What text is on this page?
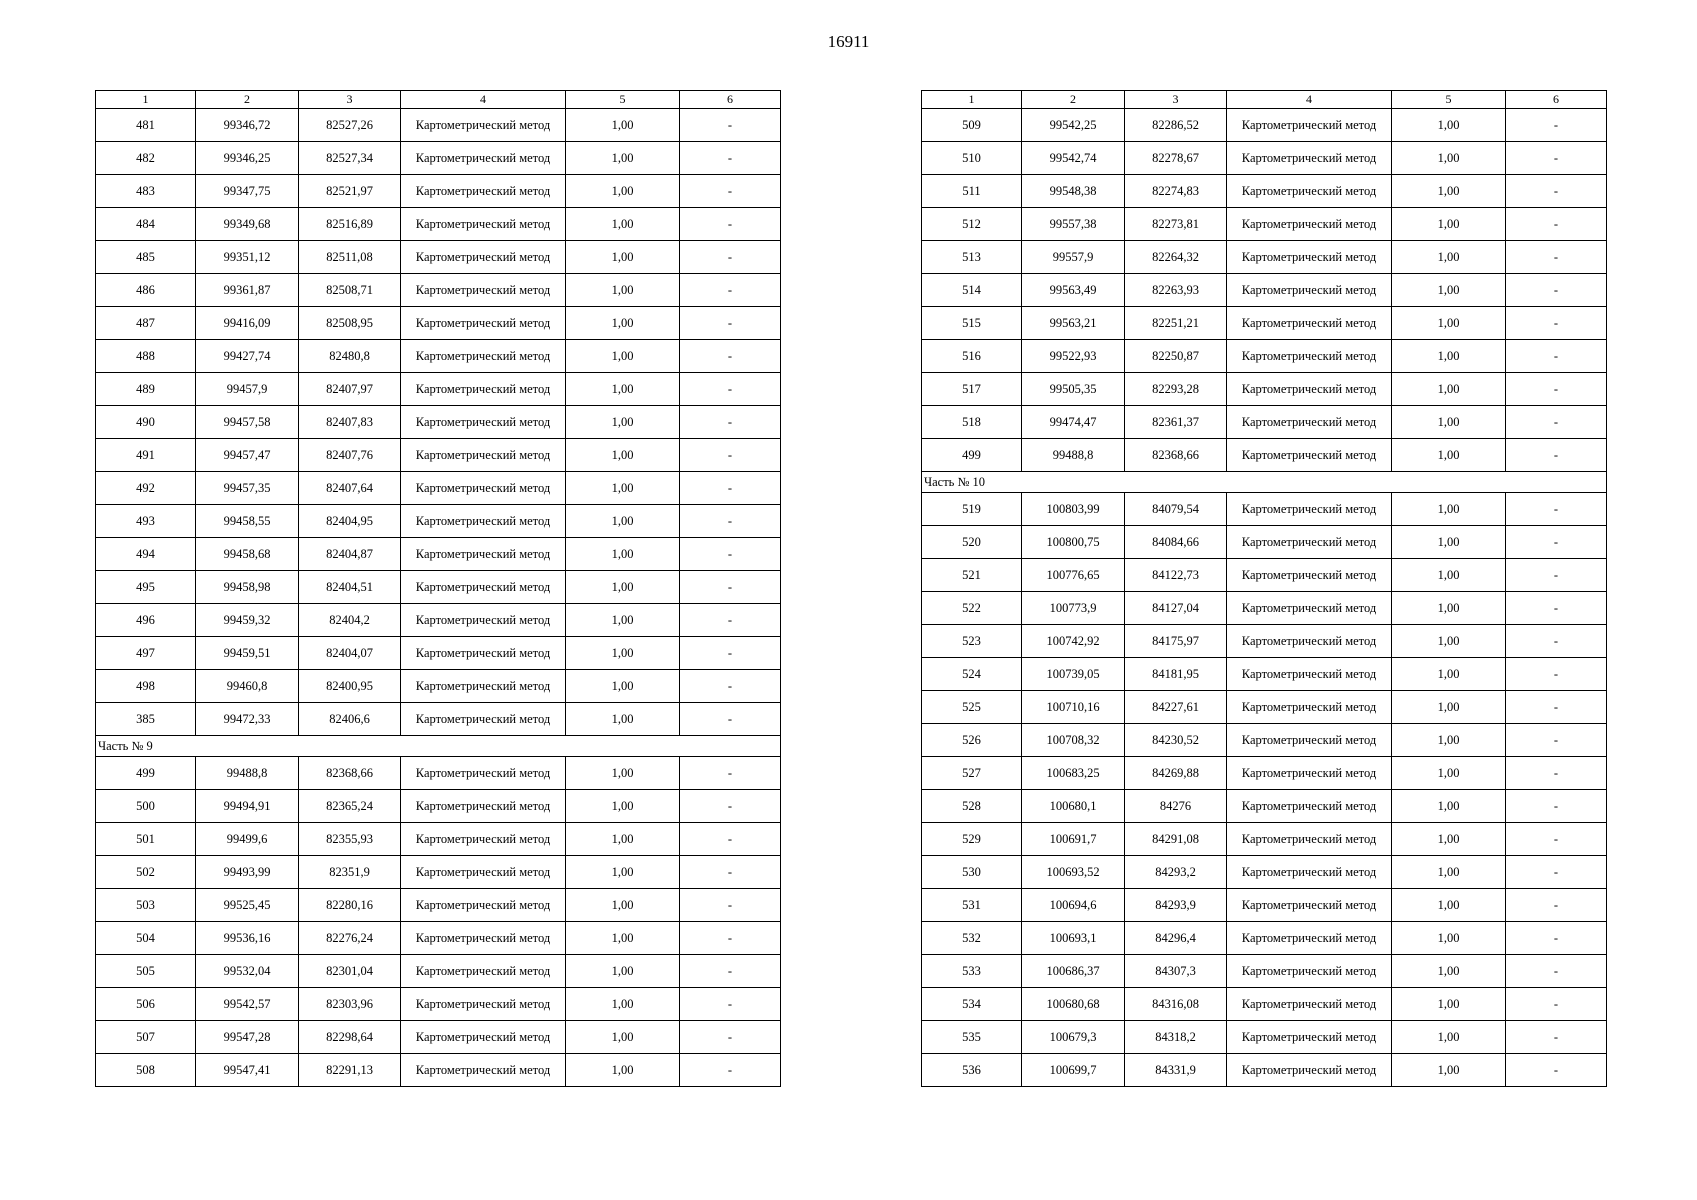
16911
1	2	3	4	5	6
481	99346,72	82527,26	Картометрический метод	1,00	-
482	99346,25	82527,34	Картометрический метод	1,00	-
483	99347,75	82521,97	Картометрический метод	1,00	-
484	99349,68	82516,89	Картометрический метод	1,00	-
485	99351,12	82511,08	Картометрический метод	1,00	-
486	99361,87	82508,71	Картометрический метод	1,00	-
487	99416,09	82508,95	Картометрический метод	1,00	-
488	99427,74	82480,8	Картометрический метод	1,00	-
489	99457,9	82407,97	Картометрический метод	1,00	-
490	99457,58	82407,83	Картометрический метод	1,00	-
491	99457,47	82407,76	Картометрический метод	1,00	-
492	99457,35	82407,64	Картометрический метод	1,00	-
493	99458,55	82404,95	Картометрический метод	1,00	-
494	99458,68	82404,87	Картометрический метод	1,00	-
495	99458,98	82404,51	Картометрический метод	1,00	-
496	99459,32	82404,2	Картометрический метод	1,00	-
497	99459,51	82404,07	Картометрический метод	1,00	-
498	99460,8	82400,95	Картометрический метод	1,00	-
385	99472,33	82406,6	Картометрический метод	1,00	-
Часть № 9					
499	99488,8	82368,66	Картометрический метод	1,00	-
500	99494,91	82365,24	Картометрический метод	1,00	-
501	99499,6	82355,93	Картометрический метод	1,00	-
502	99493,99	82351,9	Картометрический метод	1,00	-
503	99525,45	82280,16	Картометрический метод	1,00	-
504	99536,16	82276,24	Картометрический метод	1,00	-
505	99532,04	82301,04	Картометрический метод	1,00	-
506	99542,57	82303,96	Картометрический метод	1,00	-
507	99547,28	82298,64	Картометрический метод	1,00	-
508	99547,41	82291,13	Картометрический метод	1,00	-
1	2	3	4	5	6
509	99542,25	82286,52	Картометрический метод	1,00	-
510	99542,74	82278,67	Картометрический метод	1,00	-
511	99548,38	82274,83	Картометрический метод	1,00	-
512	99557,38	82273,81	Картометрический метод	1,00	-
513	99557,9	82264,32	Картометрический метод	1,00	-
514	99563,49	82263,93	Картометрический метод	1,00	-
515	99563,21	82251,21	Картометрический метод	1,00	-
516	99522,93	82250,87	Картометрический метод	1,00	-
517	99505,35	82293,28	Картометрический метод	1,00	-
518	99474,47	82361,37	Картометрический метод	1,00	-
499	99488,8	82368,66	Картометрический метод	1,00	-
Часть № 10					
519	100803,99	84079,54	Картометрический метод	1,00	-
520	100800,75	84084,66	Картометрический метод	1,00	-
521	100776,65	84122,73	Картометрический метод	1,00	-
522	100773,9	84127,04	Картометрический метод	1,00	-
523	100742,92	84175,97	Картометрический метод	1,00	-
524	100739,05	84181,95	Картометрический метод	1,00	-
525	100710,16	84227,61	Картометрический метод	1,00	-
526	100708,32	84230,52	Картометрический метод	1,00	-
527	100683,25	84269,88	Картометрический метод	1,00	-
528	100680,1	84276	Картометрический метод	1,00	-
529	100691,7	84291,08	Картометрический метод	1,00	-
530	100693,52	84293,2	Картометрический метод	1,00	-
531	100694,6	84293,9	Картометрический метод	1,00	-
532	100693,1	84296,4	Картометрический метод	1,00	-
533	100686,37	84307,3	Картометрический метод	1,00	-
534	100680,68	84316,08	Картометрический метод	1,00	-
535	100679,3	84318,2	Картометрический метод	1,00	-
536	100699,7	84331,9	Картометрический метод	1,00	-
